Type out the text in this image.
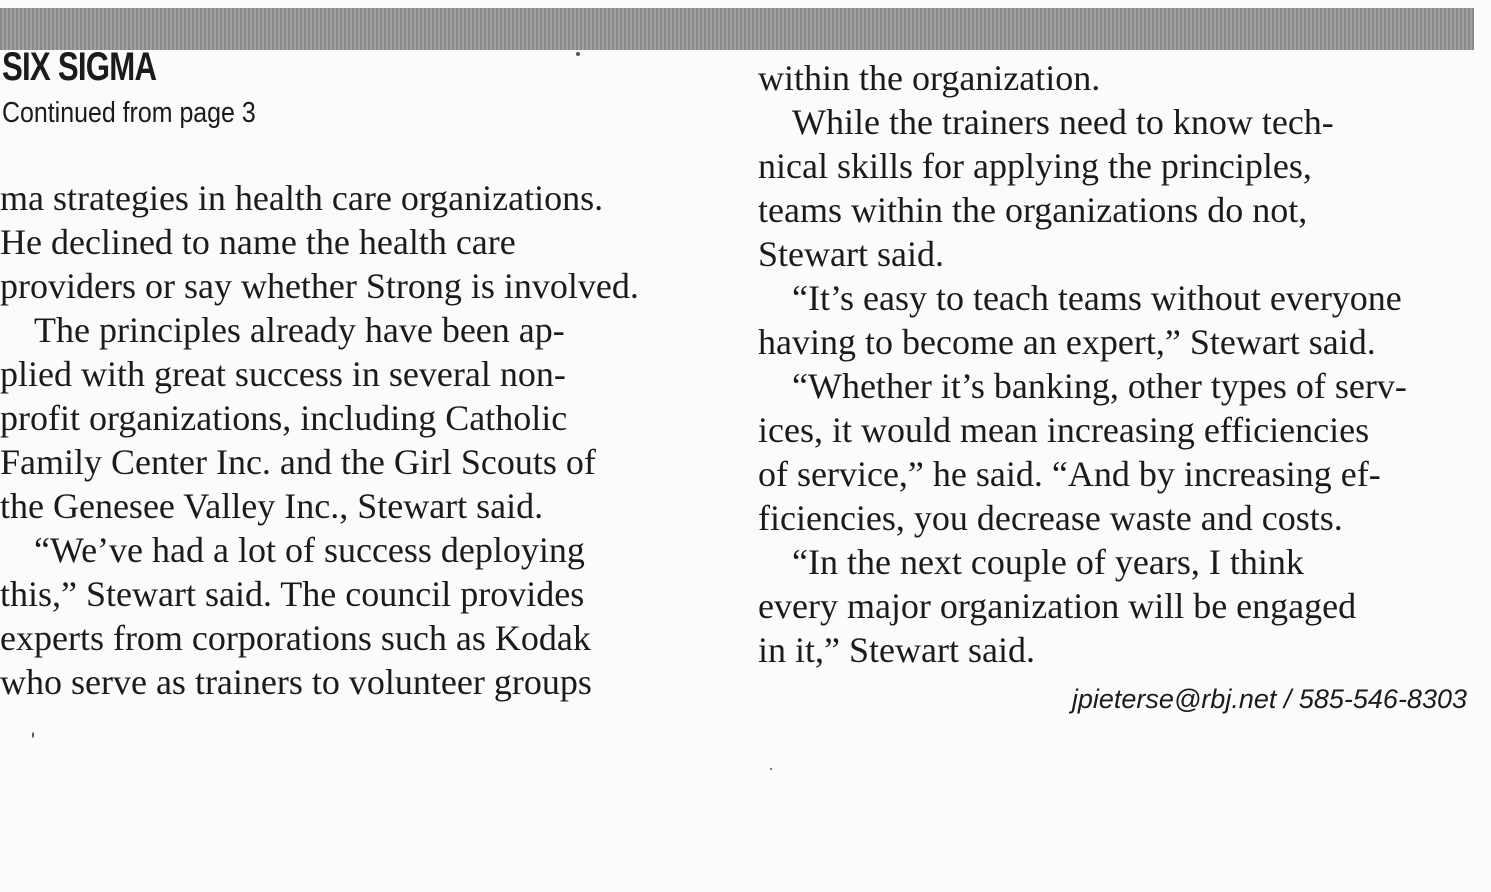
SIX SIGMA
Continued from page 3
ma strategies in health care organizations.
He declined to name the health care
providers or say whether Strong is involved.
The principles already have been ap-
plied with great success in several non-
profit organizations, including Catholic
Family Center Inc. and the Girl Scouts of
the Genesee Valley Inc., Stewart said.
“We’ve had a lot of success deploying
this,” Stewart said. The council provides
experts from corporations such as Kodak
who serve as trainers to volunteer groups
within the organization.
While the trainers need to know tech-
nical skills for applying the principles,
teams within the organizations do not,
Stewart said.
“It’s easy to teach teams without everyone
having to become an expert,” Stewart said.
“Whether it’s banking, other types of serv-
ices, it would mean increasing efficiencies
of service,” he said. “And by increasing ef-
ficiencies, you decrease waste and costs.
“In the next couple of years, I think
every major organization will be engaged
in it,” Stewart said.
jpieterse@rbj.net / 585-546-8303
